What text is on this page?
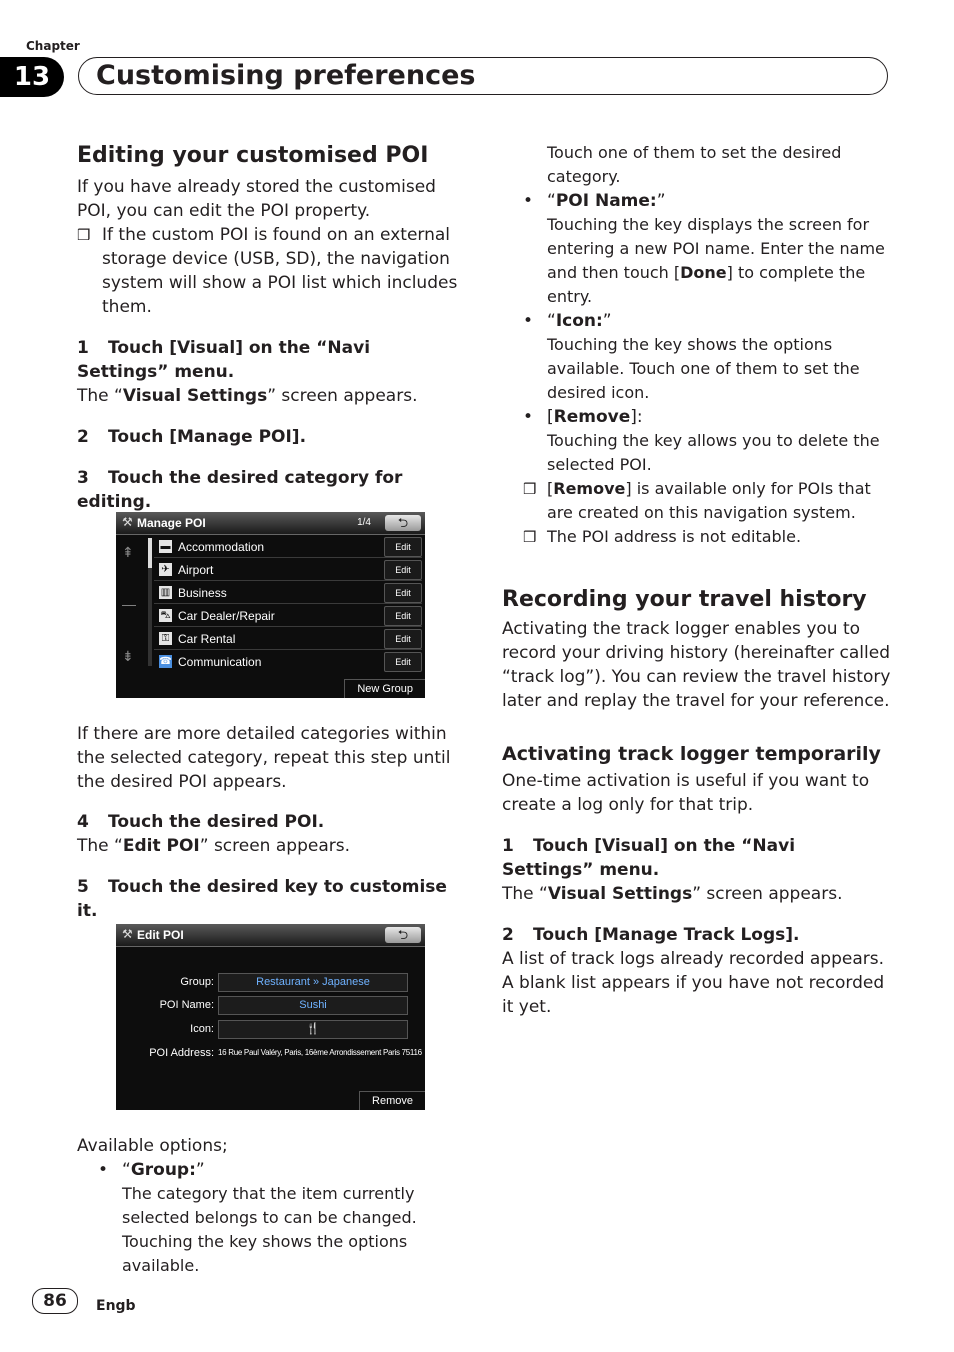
Chapter
13	Customising preferences
Editing your customised POI

If you have already stored the customised POI, you can edit the POI property.

❒ If the custom POI is found on an external storage device (USB, SD), the navigation system will show a POI list which includes them.

1 Touch [Visual] on the “Navi Settings” menu.

The “Visual Settings” screen appears.

2 Touch [Manage POI].

3 Touch the desired category for editing.

If there are more detailed categories within the selected category, repeat this step until the desired POI appears.

4 Touch the desired POI.

The “Edit POI” screen appears.

5 Touch the desired key to customise it.

Available options;

• “Group:”

The category that the item currently selected belongs to can be changed. Touching the key shows the options available.

⚒ Manage POI	1/4	⮌
⇞
—
⇟
▬ Accommodation	Edit
✈ Airport	Edit
▥ Business	Edit
⛍ Car Dealer/Repair	Edit
⚿ Car Rental	Edit
☎ Communication	Edit
New Group
⚒ Edit POI	⮌
Group:	Restaurant » Japanese
POI Name:	Sushi
Icon:	🍴
POI Address: 16 Rue Paul Valéry, Paris, 16ème Arrondissement Paris 75116
Remove

Touch one of them to set the desired category.

• “POI Name:”

Touching the key displays the screen for entering a new POI name. Enter the name and then touch [Done] to complete the entry.

• “Icon:”

Touching the key shows the options available. Touch one of them to set the desired icon.

• [Remove]:

Touching the key allows you to delete the selected POI.

❒ [Remove] is available only for POIs that are created on this navigation system.
❒ The POI address is not editable.
Recording your travel history

Activating the track logger enables you to record your driving history (hereinafter called “track log”). You can review the travel history later and replay the travel for your reference.

Activating track logger temporarily

One-time activation is useful if you want to create a log only for that trip.

1 Touch [Visual] on the “Navi Settings” menu.

The “Visual Settings” screen appears.

2 Touch [Manage Track Logs].

A list of track logs already recorded appears. A blank list appears if you have not recorded it yet.

86	Engb
